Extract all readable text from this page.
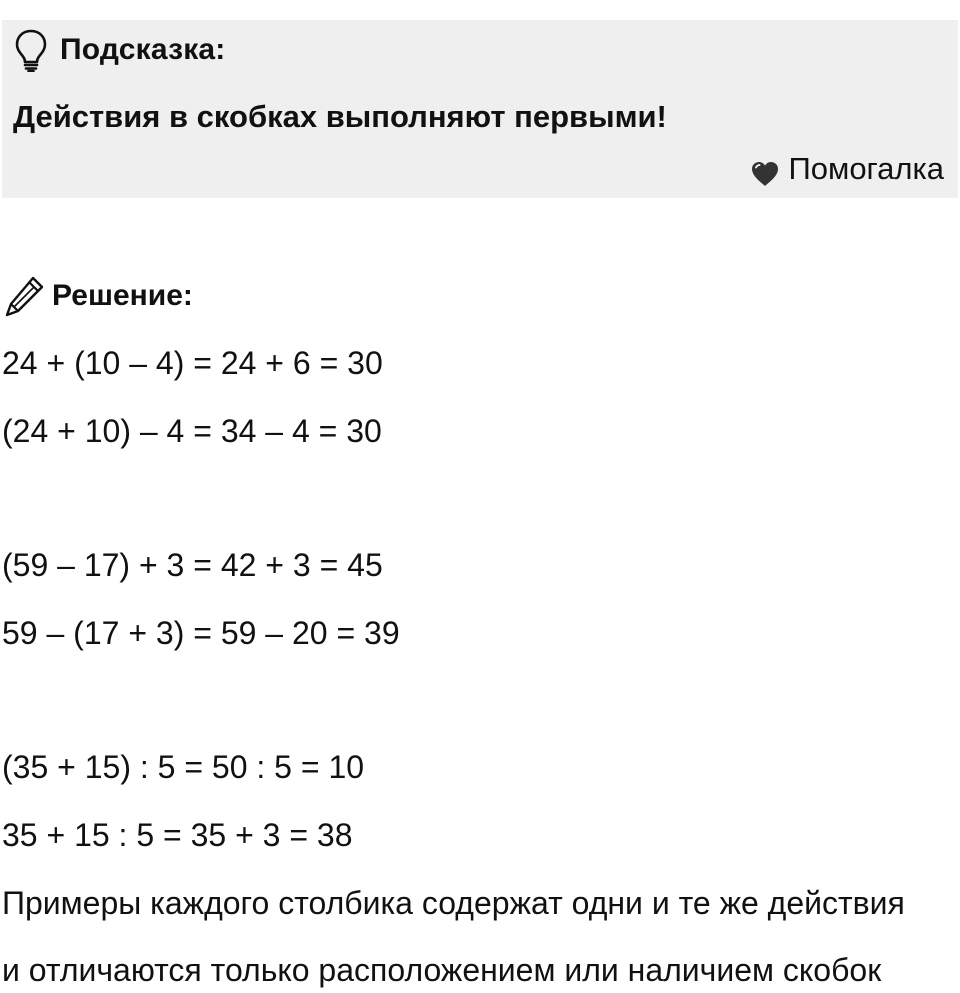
Подсказка:
Действия в скобках выполняют первыми!
Помогалка
Решение:
24 + (10 – 4) = 24 + 6 = 30
(24 + 10) – 4 = 34 – 4 = 30
(59 – 17) + 3 = 42 + 3 = 45
59 – (17 + 3) = 59 – 20 = 39
(35 + 15) : 5 = 50 : 5 = 10
35 + 15 : 5 = 35 + 3 = 38
Примеры каждого столбика содержат одни и те же действия
и отличаются только расположением или наличием скобок
